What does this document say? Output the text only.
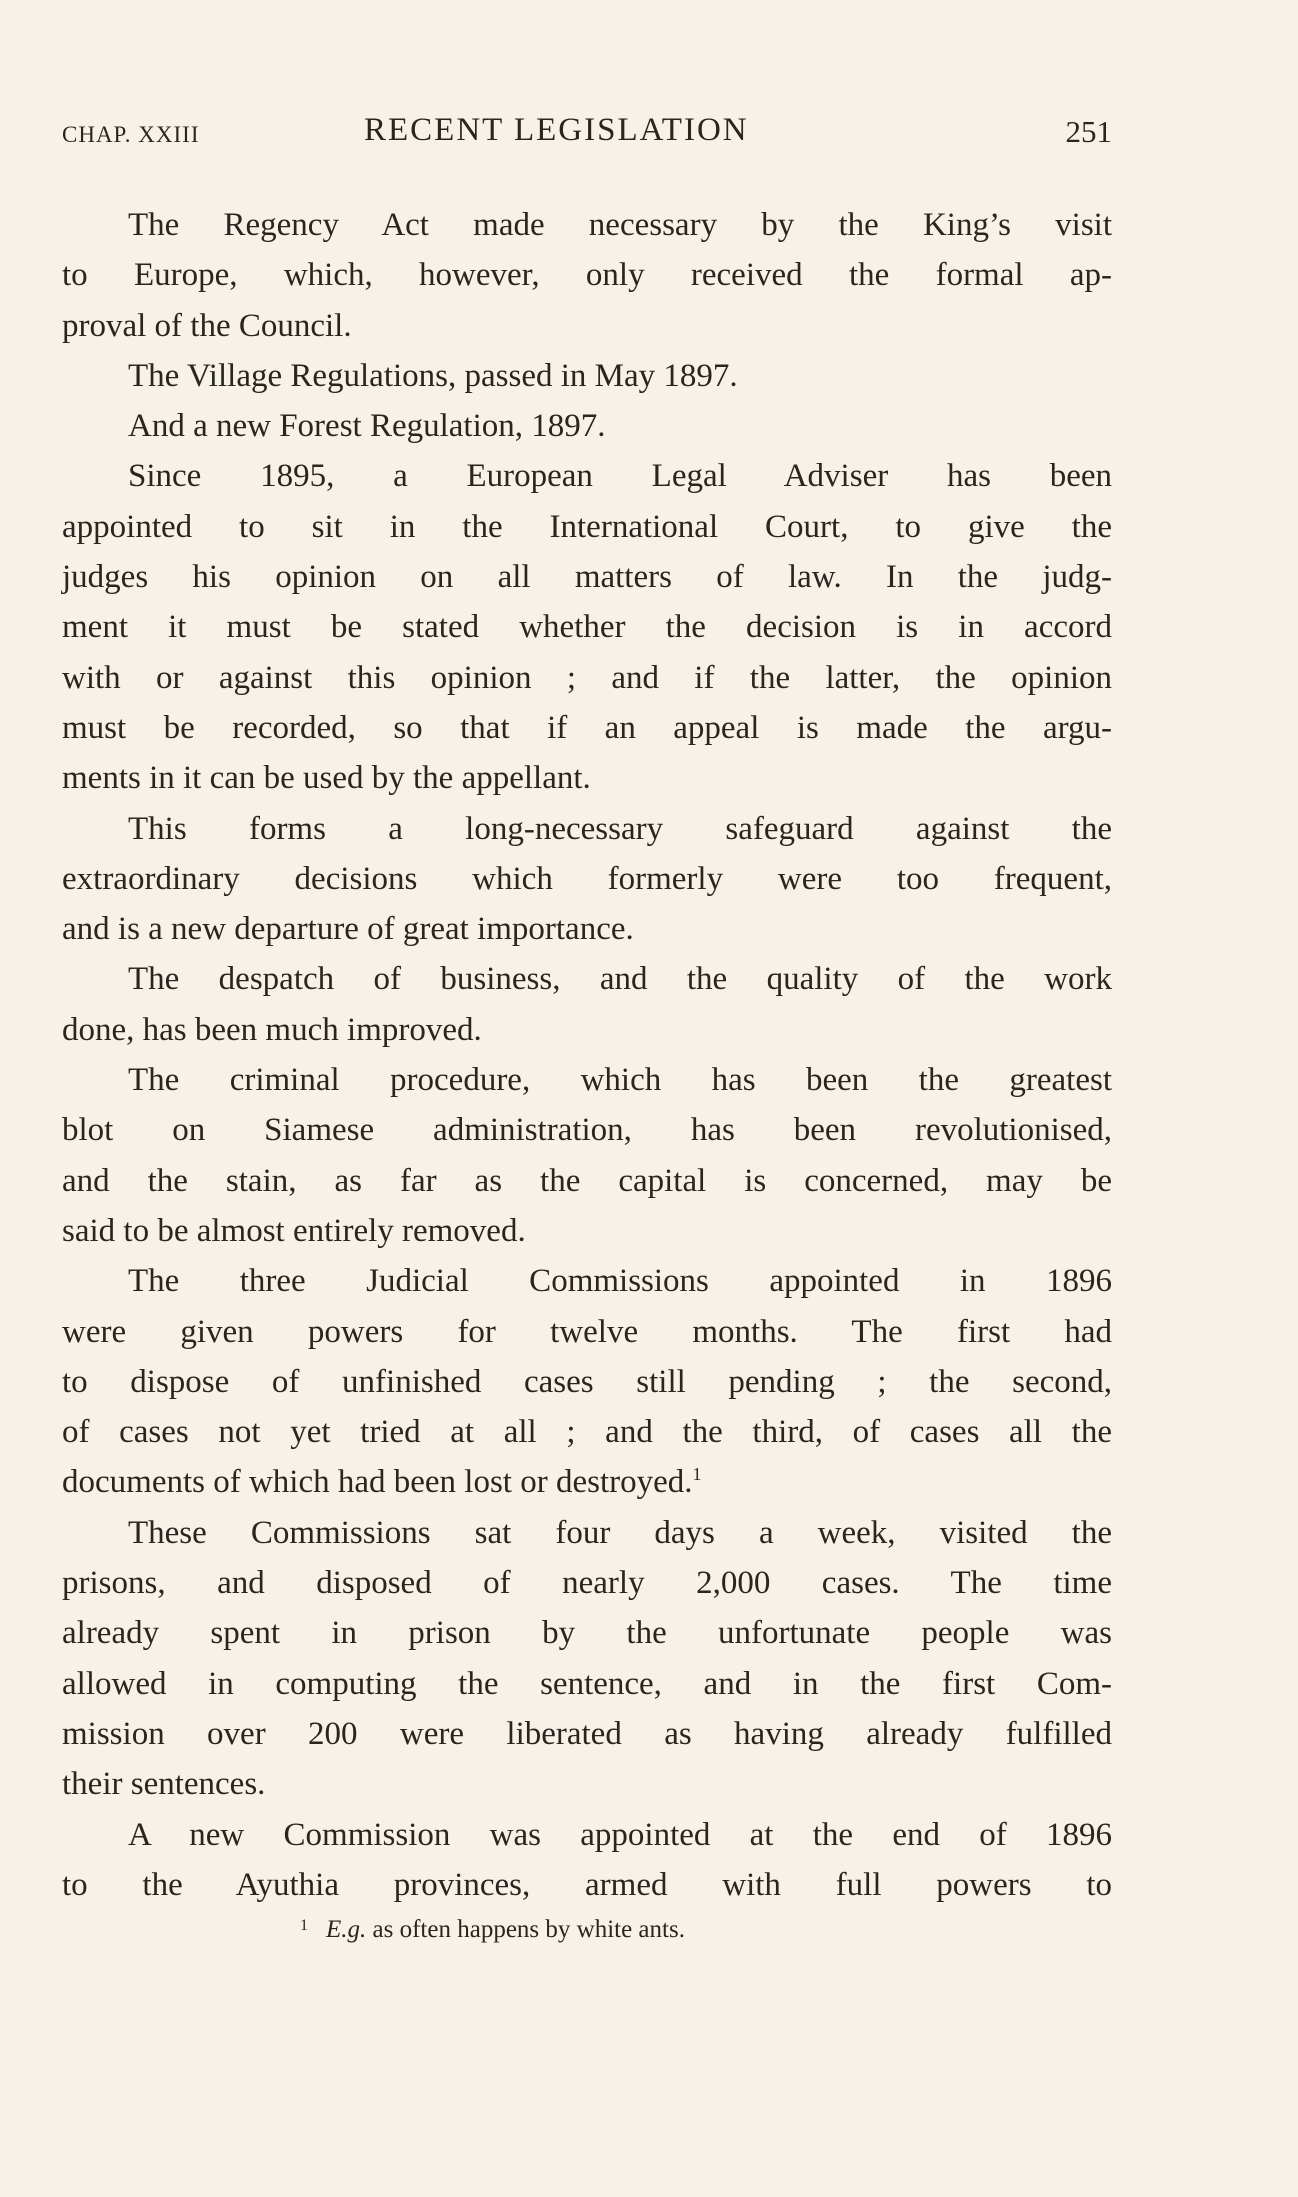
CHAP. XXIII	RECENT LEGISLATION	251
The Regency Act made necessary by the King’s visit
to Europe, which, however, only received the formal ap-
proval of the Council.
The Village Regulations, passed in May 1897.
And a new Forest Regulation, 1897.
Since 1895, a European Legal Adviser has been
appointed to sit in the International Court, to give the
judges his opinion on all matters of law. In the judg-
ment it must be stated whether the decision is in accord
with or against this opinion ; and if the latter, the opinion
must be recorded, so that if an appeal is made the argu-
ments in it can be used by the appellant.
This forms a long-necessary safeguard against the
extraordinary decisions which formerly were too frequent,
and is a new departure of great importance.
The despatch of business, and the quality of the work
done, has been much improved.
The criminal procedure, which has been the greatest
blot on Siamese administration, has been revolutionised,
and the stain, as far as the capital is concerned, may be
said to be almost entirely removed.
The three Judicial Commissions appointed in 1896
were given powers for twelve months. The first had
to dispose of unfinished cases still pending ; the second,
of cases not yet tried at all ; and the third, of cases all the
documents of which had been lost or destroyed.$^1$
These Commissions sat four days a week, visited the
prisons, and disposed of nearly 2,000 cases. The time
already spent in prison by the unfortunate people was
allowed in computing the sentence, and in the first Com-
mission over 200 were liberated as having already fulfilled
their sentences.
A new Commission was appointed at the end of 1896
to the Ayuthia provinces, armed with full powers to
$^1$ E.g. as often happens by white ants.
